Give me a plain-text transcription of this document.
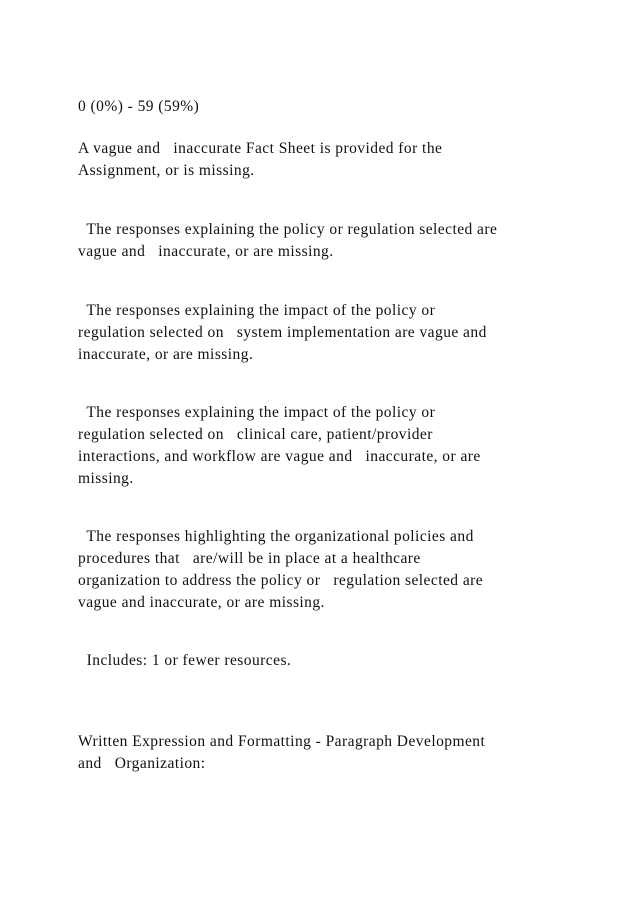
0 (0%) - 59 (59%)
A vague and   inaccurate Fact Sheet is provided for the
Assignment, or is missing.
The responses explaining the policy or regulation selected are
vague and   inaccurate, or are missing.
The responses explaining the impact of the policy or
regulation selected on   system implementation are vague and
inaccurate, or are missing.
The responses explaining the impact of the policy or
regulation selected on   clinical care, patient/provider
interactions, and workflow are vague and   inaccurate, or are
missing.
The responses highlighting the organizational policies and
procedures that   are/will be in place at a healthcare
organization to address the policy or   regulation selected are
vague and inaccurate, or are missing.
Includes: 1 or fewer resources.
Written Expression and Formatting - Paragraph Development
and   Organization:
